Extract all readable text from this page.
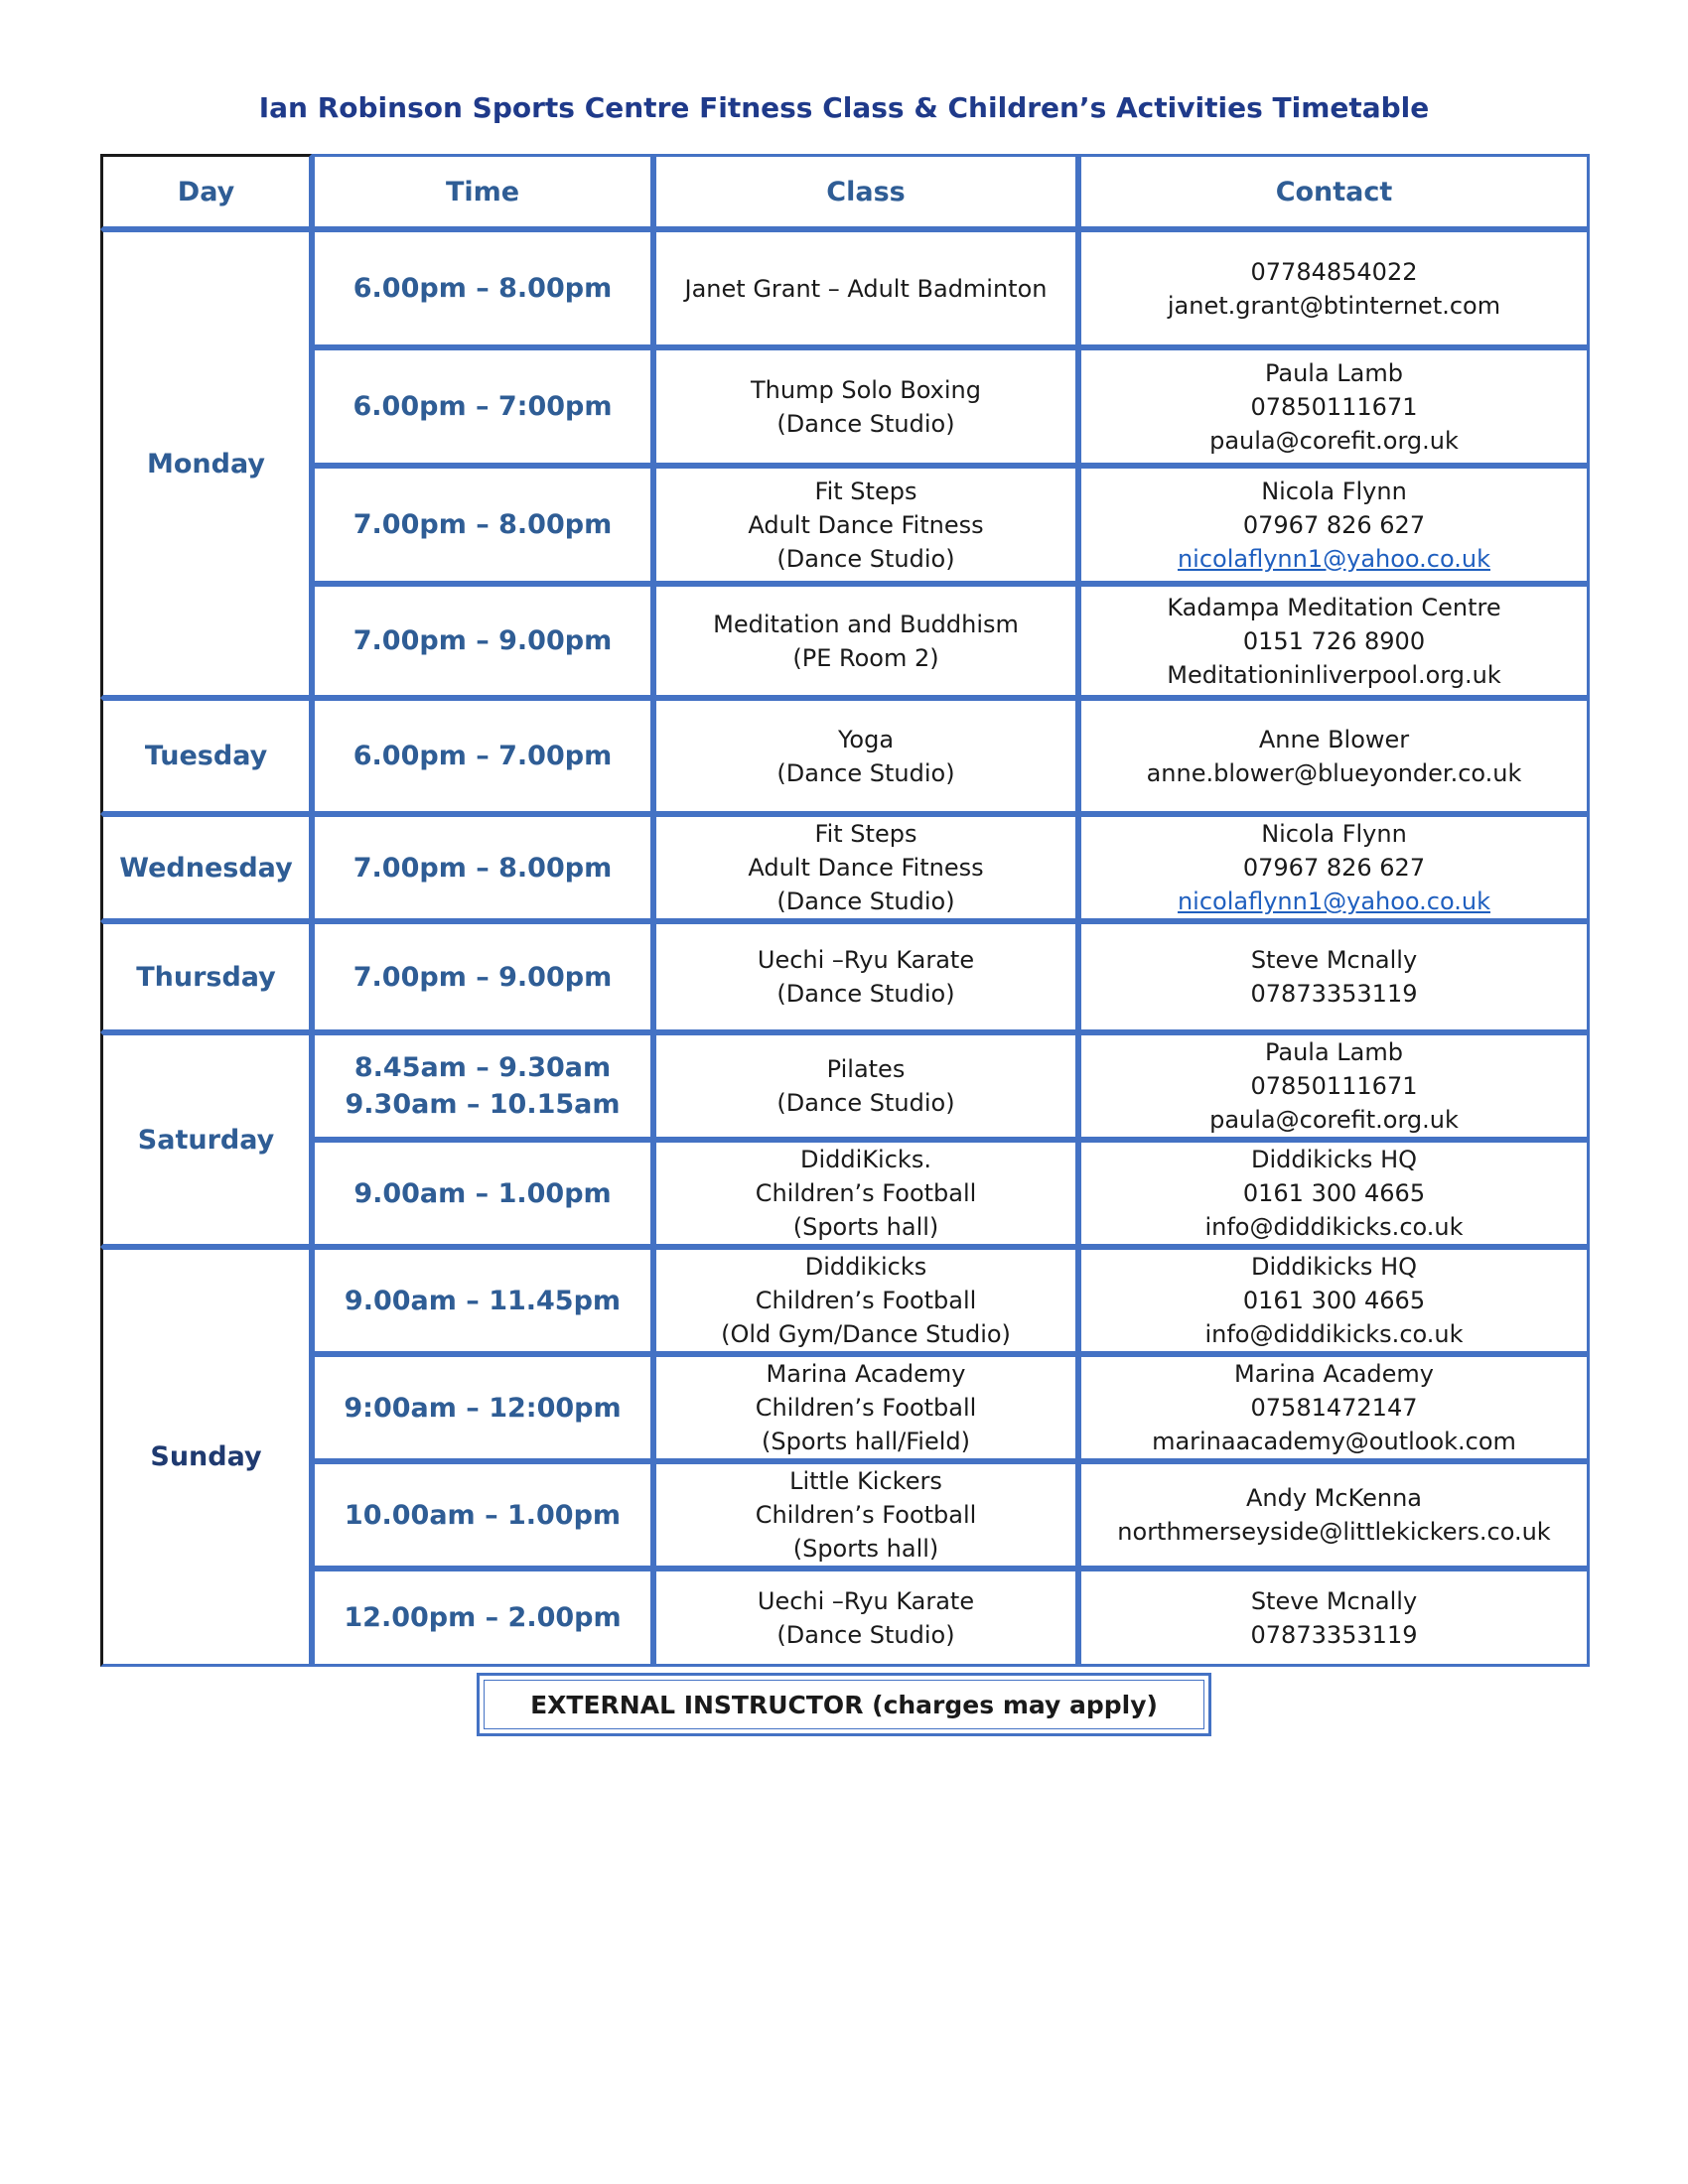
Ian Robinson Sports Centre Fitness Class & Children’s Activities Timetable
Day	Time	Class	Contact
Monday	6.00pm – 8.00pm	Janet Grant – Adult Badminton	07784854022
janet.grant@btinternet.com

	6.00pm – 7:00pm	Thump Solo Boxing
(Dance Studio)	Paula Lamb
07850111671
paula@corefit.org.uk

	7.00pm – 8.00pm	Fit Steps
Adult Dance Fitness
(Dance Studio)	Nicola Flynn
07967 826 627
nicolaflynn1@yahoo.co.uk

	7.00pm – 9.00pm	Meditation and Buddhism
(PE Room 2)	Kadampa Meditation Centre
0151 726 8900
Meditationinliverpool.org.uk

Tuesday	6.00pm – 7.00pm	Yoga
(Dance Studio)	Anne Blower
anne.blower@blueyonder.co.uk

Wednesday	7.00pm – 8.00pm	Fit Steps
Adult Dance Fitness
(Dance Studio)	Nicola Flynn
07967 826 627
nicolaflynn1@yahoo.co.uk

Thursday	7.00pm – 9.00pm	Uechi –Ryu Karate
(Dance Studio)	Steve Mcnally
07873353119

Saturday	8.45am – 9.30am
9.30am – 10.15am	Pilates
(Dance Studio)	Paula Lamb
07850111671
paula@corefit.org.uk

	9.00am – 1.00pm	DiddiKicks.
Children’s Football
(Sports hall)	Diddikicks HQ
0161 300 4665
info@diddikicks.co.uk

Sunday	9.00am – 11.45pm	Diddikicks
Children’s Football
(Old Gym/Dance Studio)	Diddikicks HQ
0161 300 4665
info@diddikicks.co.uk

	9:00am – 12:00pm	Marina Academy
Children’s Football
(Sports hall/Field)	Marina Academy
07581472147
marinaacademy@outlook.com

	10.00am – 1.00pm	Little Kickers
Children’s Football
(Sports hall)	Andy McKenna
northmerseyside@littlekickers.co.uk

	12.00pm – 2.00pm	Uechi –Ryu Karate
(Dance Studio)	Steve Mcnally
07873353119
EXTERNAL INSTRUCTOR (charges may apply)
